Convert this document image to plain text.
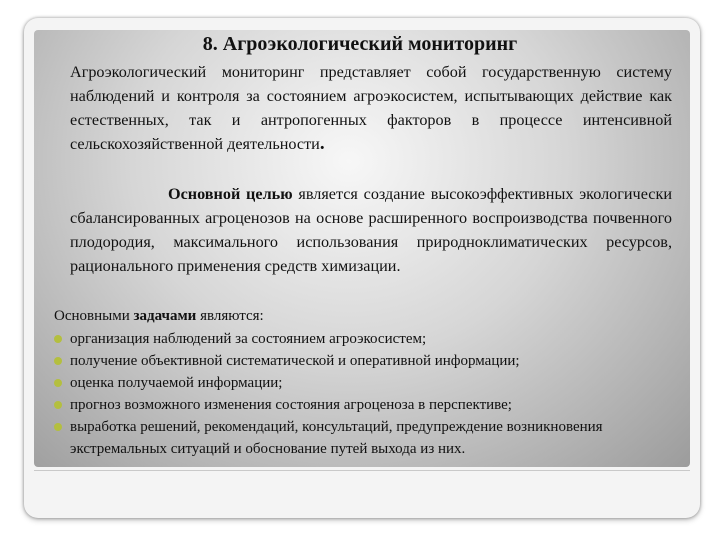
8. Агроэкологический мониторинг
Агроэкологический мониторинг представляет собой государственную систему наблюдений и контроля за состоянием агроэкосистем, испытывающих действие как естественных, так и антропогенных факторов в процессе интенсивной сельскохозяйственной деятельности.
Основной целью является создание высокоэффективных экологически сбалансированных агроценозов на основе расширенного воспроизводства почвенного плодородия, максимального использования природноклиматических ресурсов, рационального применения средств химизации.
Основными задачами являются:
организация наблюдений за состоянием агроэкосистем;
получение объективной систематической и оперативной информации;
оценка получаемой информации;
прогноз возможного изменения состояния агроценоза в перспективе;
выработка решений, рекомендаций, консультаций, предупреждение возникновения экстремальных ситуаций и обоснование путей выхода из них.
